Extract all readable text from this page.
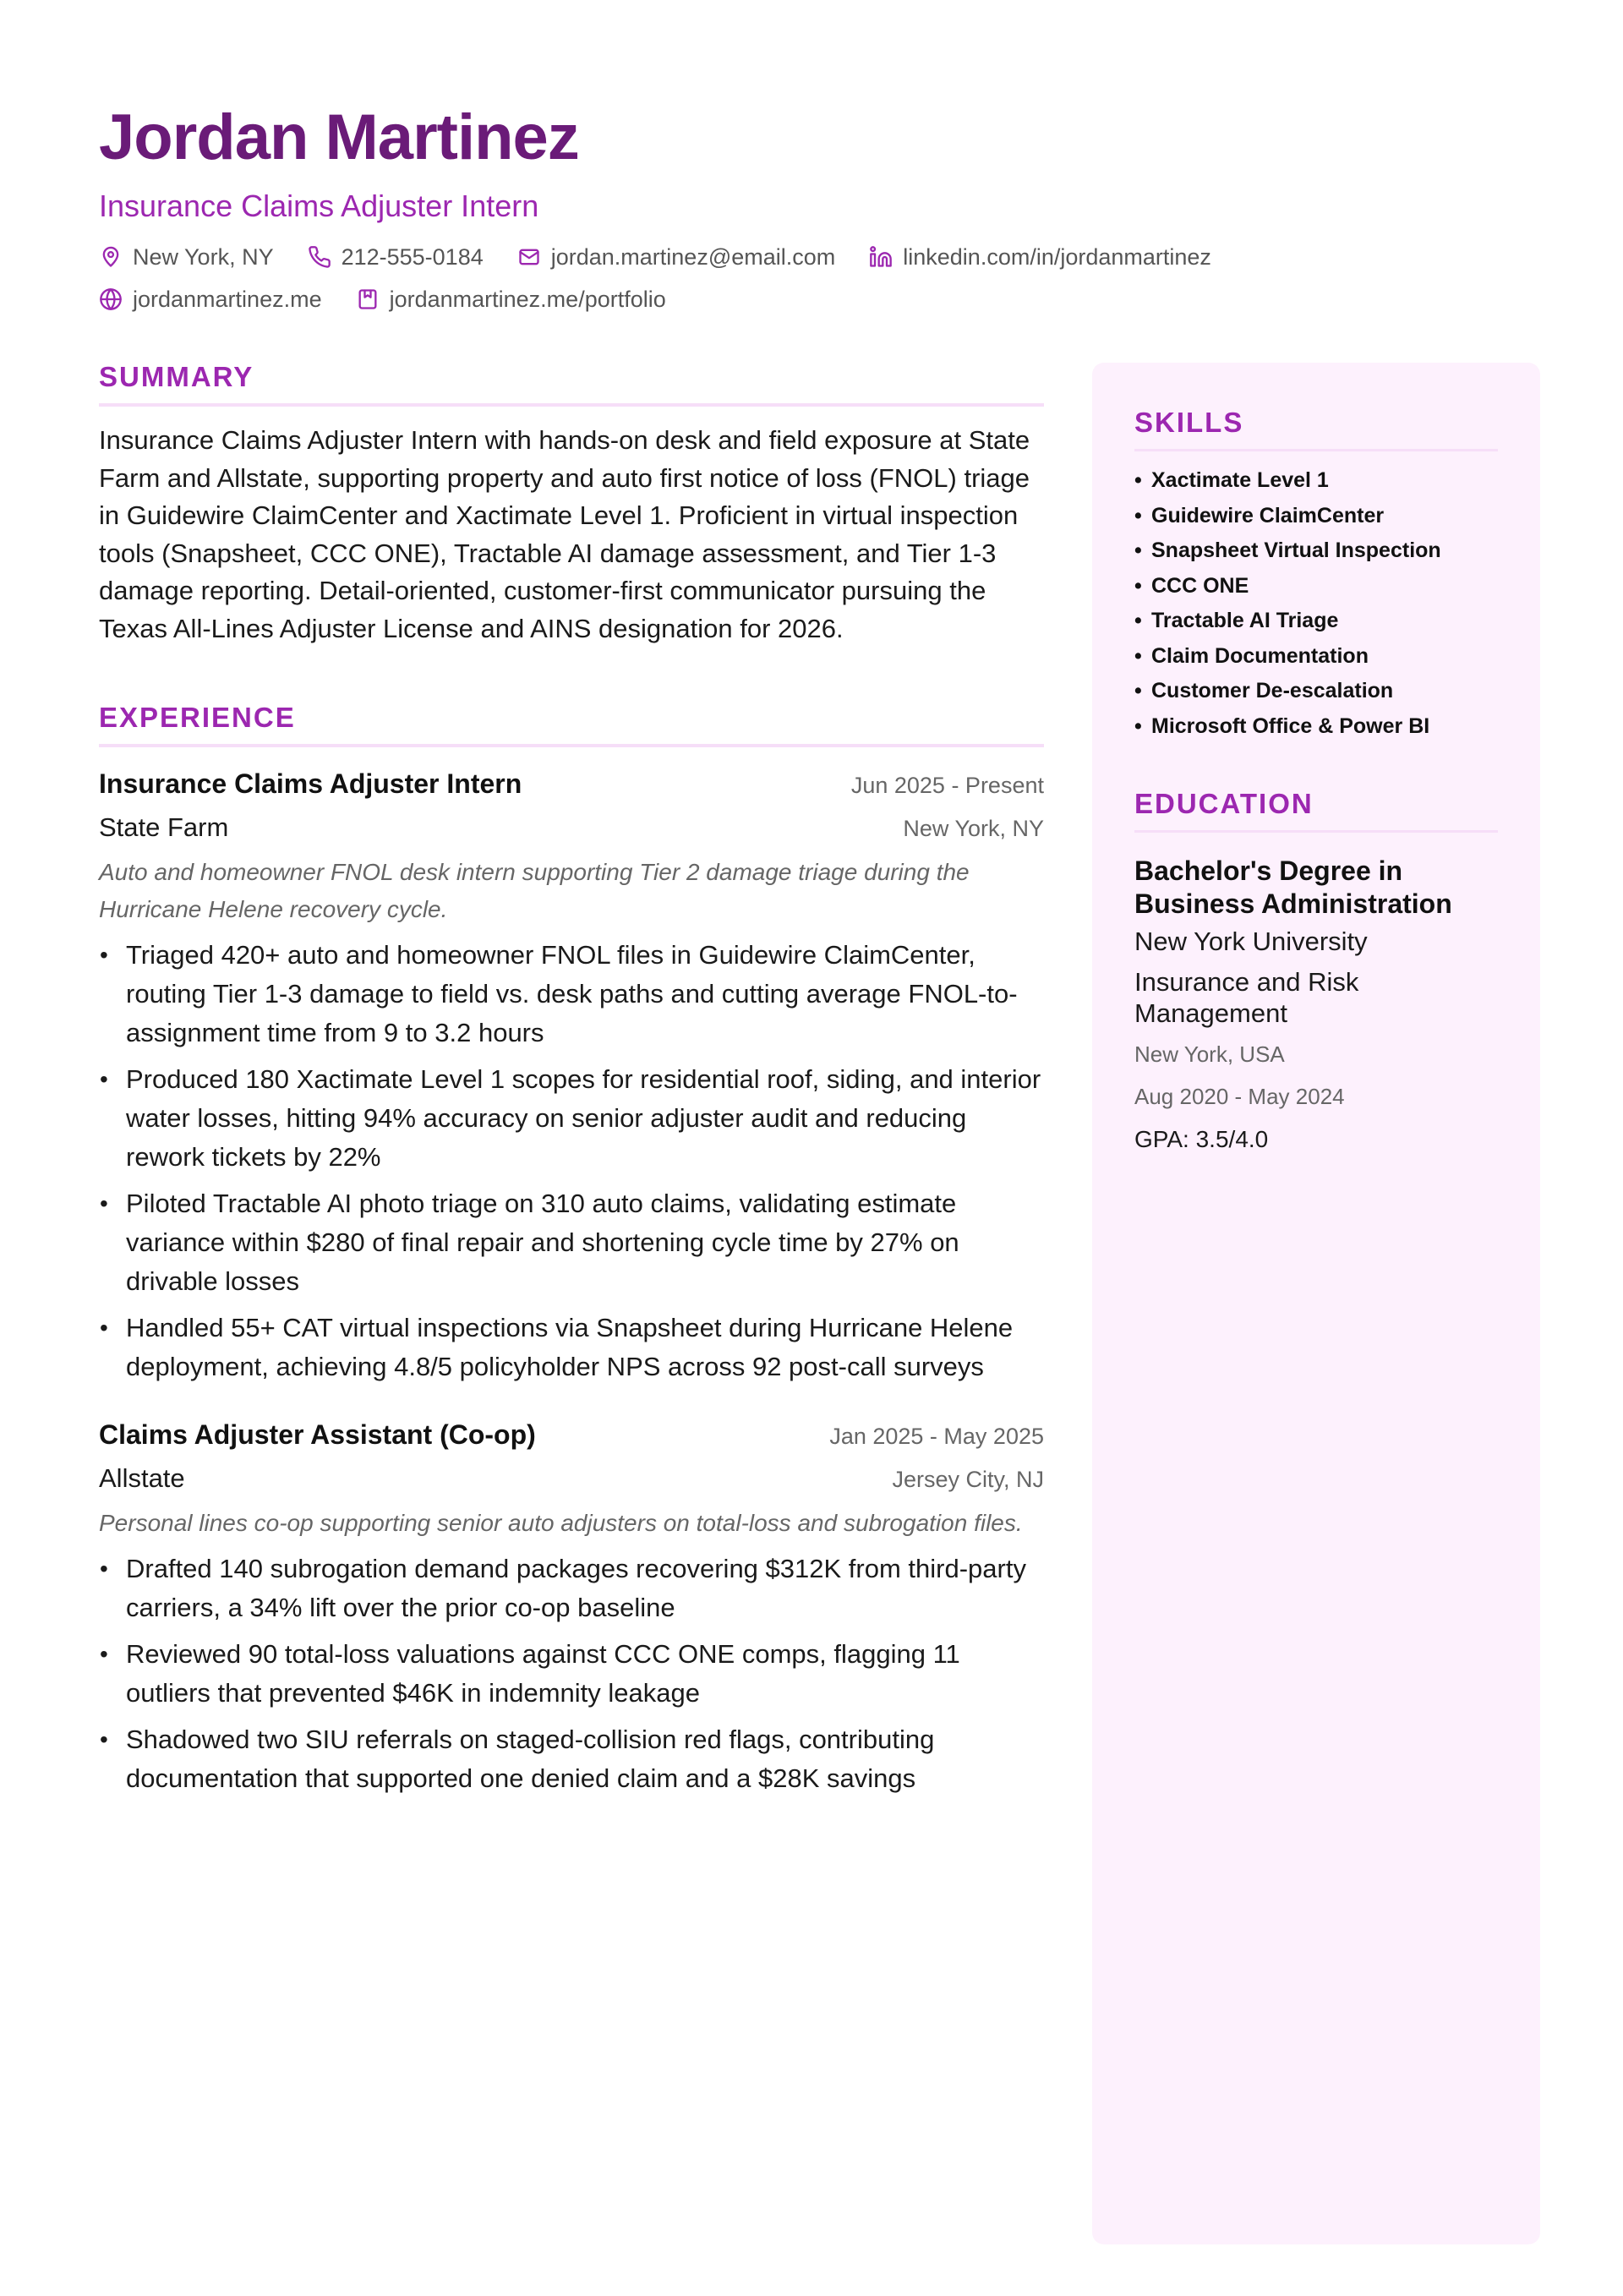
Jordan Martinez
Insurance Claims Adjuster Intern
New York, NY	212-555-0184	jordan.martinez@email.com	linkedin.com/in/jordanmartinez
jordanmartinez.me	jordanmartinez.me/portfolio
SUMMARY
Insurance Claims Adjuster Intern with hands-on desk and field exposure at State Farm and Allstate, supporting property and auto first notice of loss (FNOL) triage in Guidewire ClaimCenter and Xactimate Level 1. Proficient in virtual inspection tools (Snapsheet, CCC ONE), Tractable AI damage assessment, and Tier 1-3 damage reporting. Detail-oriented, customer-first communicator pursuing the Texas All-Lines Adjuster License and AINS designation for 2026.
EXPERIENCE
Insurance Claims Adjuster Intern	Jun 2025 - Present
State Farm	New York, NY
Auto and homeowner FNOL desk intern supporting Tier 2 damage triage during the Hurricane Helene recovery cycle.
• Triaged 420+ auto and homeowner FNOL files in Guidewire ClaimCenter, routing Tier 1-3 damage to field vs. desk paths and cutting average FNOL-to-assignment time from 9 to 3.2 hours
• Produced 180 Xactimate Level 1 scopes for residential roof, siding, and interior water losses, hitting 94% accuracy on senior adjuster audit and reducing rework tickets by 22%
• Piloted Tractable AI photo triage on 310 auto claims, validating estimate variance within $280 of final repair and shortening cycle time by 27% on drivable losses
• Handled 55+ CAT virtual inspections via Snapsheet during Hurricane Helene deployment, achieving 4.8/5 policyholder NPS across 92 post-call surveys
Claims Adjuster Assistant (Co-op)	Jan 2025 - May 2025
Allstate	Jersey City, NJ
Personal lines co-op supporting senior auto adjusters on total-loss and subrogation files.
• Drafted 140 subrogation demand packages recovering $312K from third-party carriers, a 34% lift over the prior co-op baseline
• Reviewed 90 total-loss valuations against CCC ONE comps, flagging 11 outliers that prevented $46K in indemnity leakage
• Shadowed two SIU referrals on staged-collision red flags, contributing documentation that supported one denied claim and a $28K savings
SKILLS
• Xactimate Level 1
• Guidewire ClaimCenter
• Snapsheet Virtual Inspection
• CCC ONE
• Tractable AI Triage
• Claim Documentation
• Customer De-escalation
• Microsoft Office & Power BI
EDUCATION
Bachelor's Degree in Business Administration
New York University
Insurance and Risk Management
New York, USA
Aug 2020 - May 2024
GPA: 3.5/4.0
